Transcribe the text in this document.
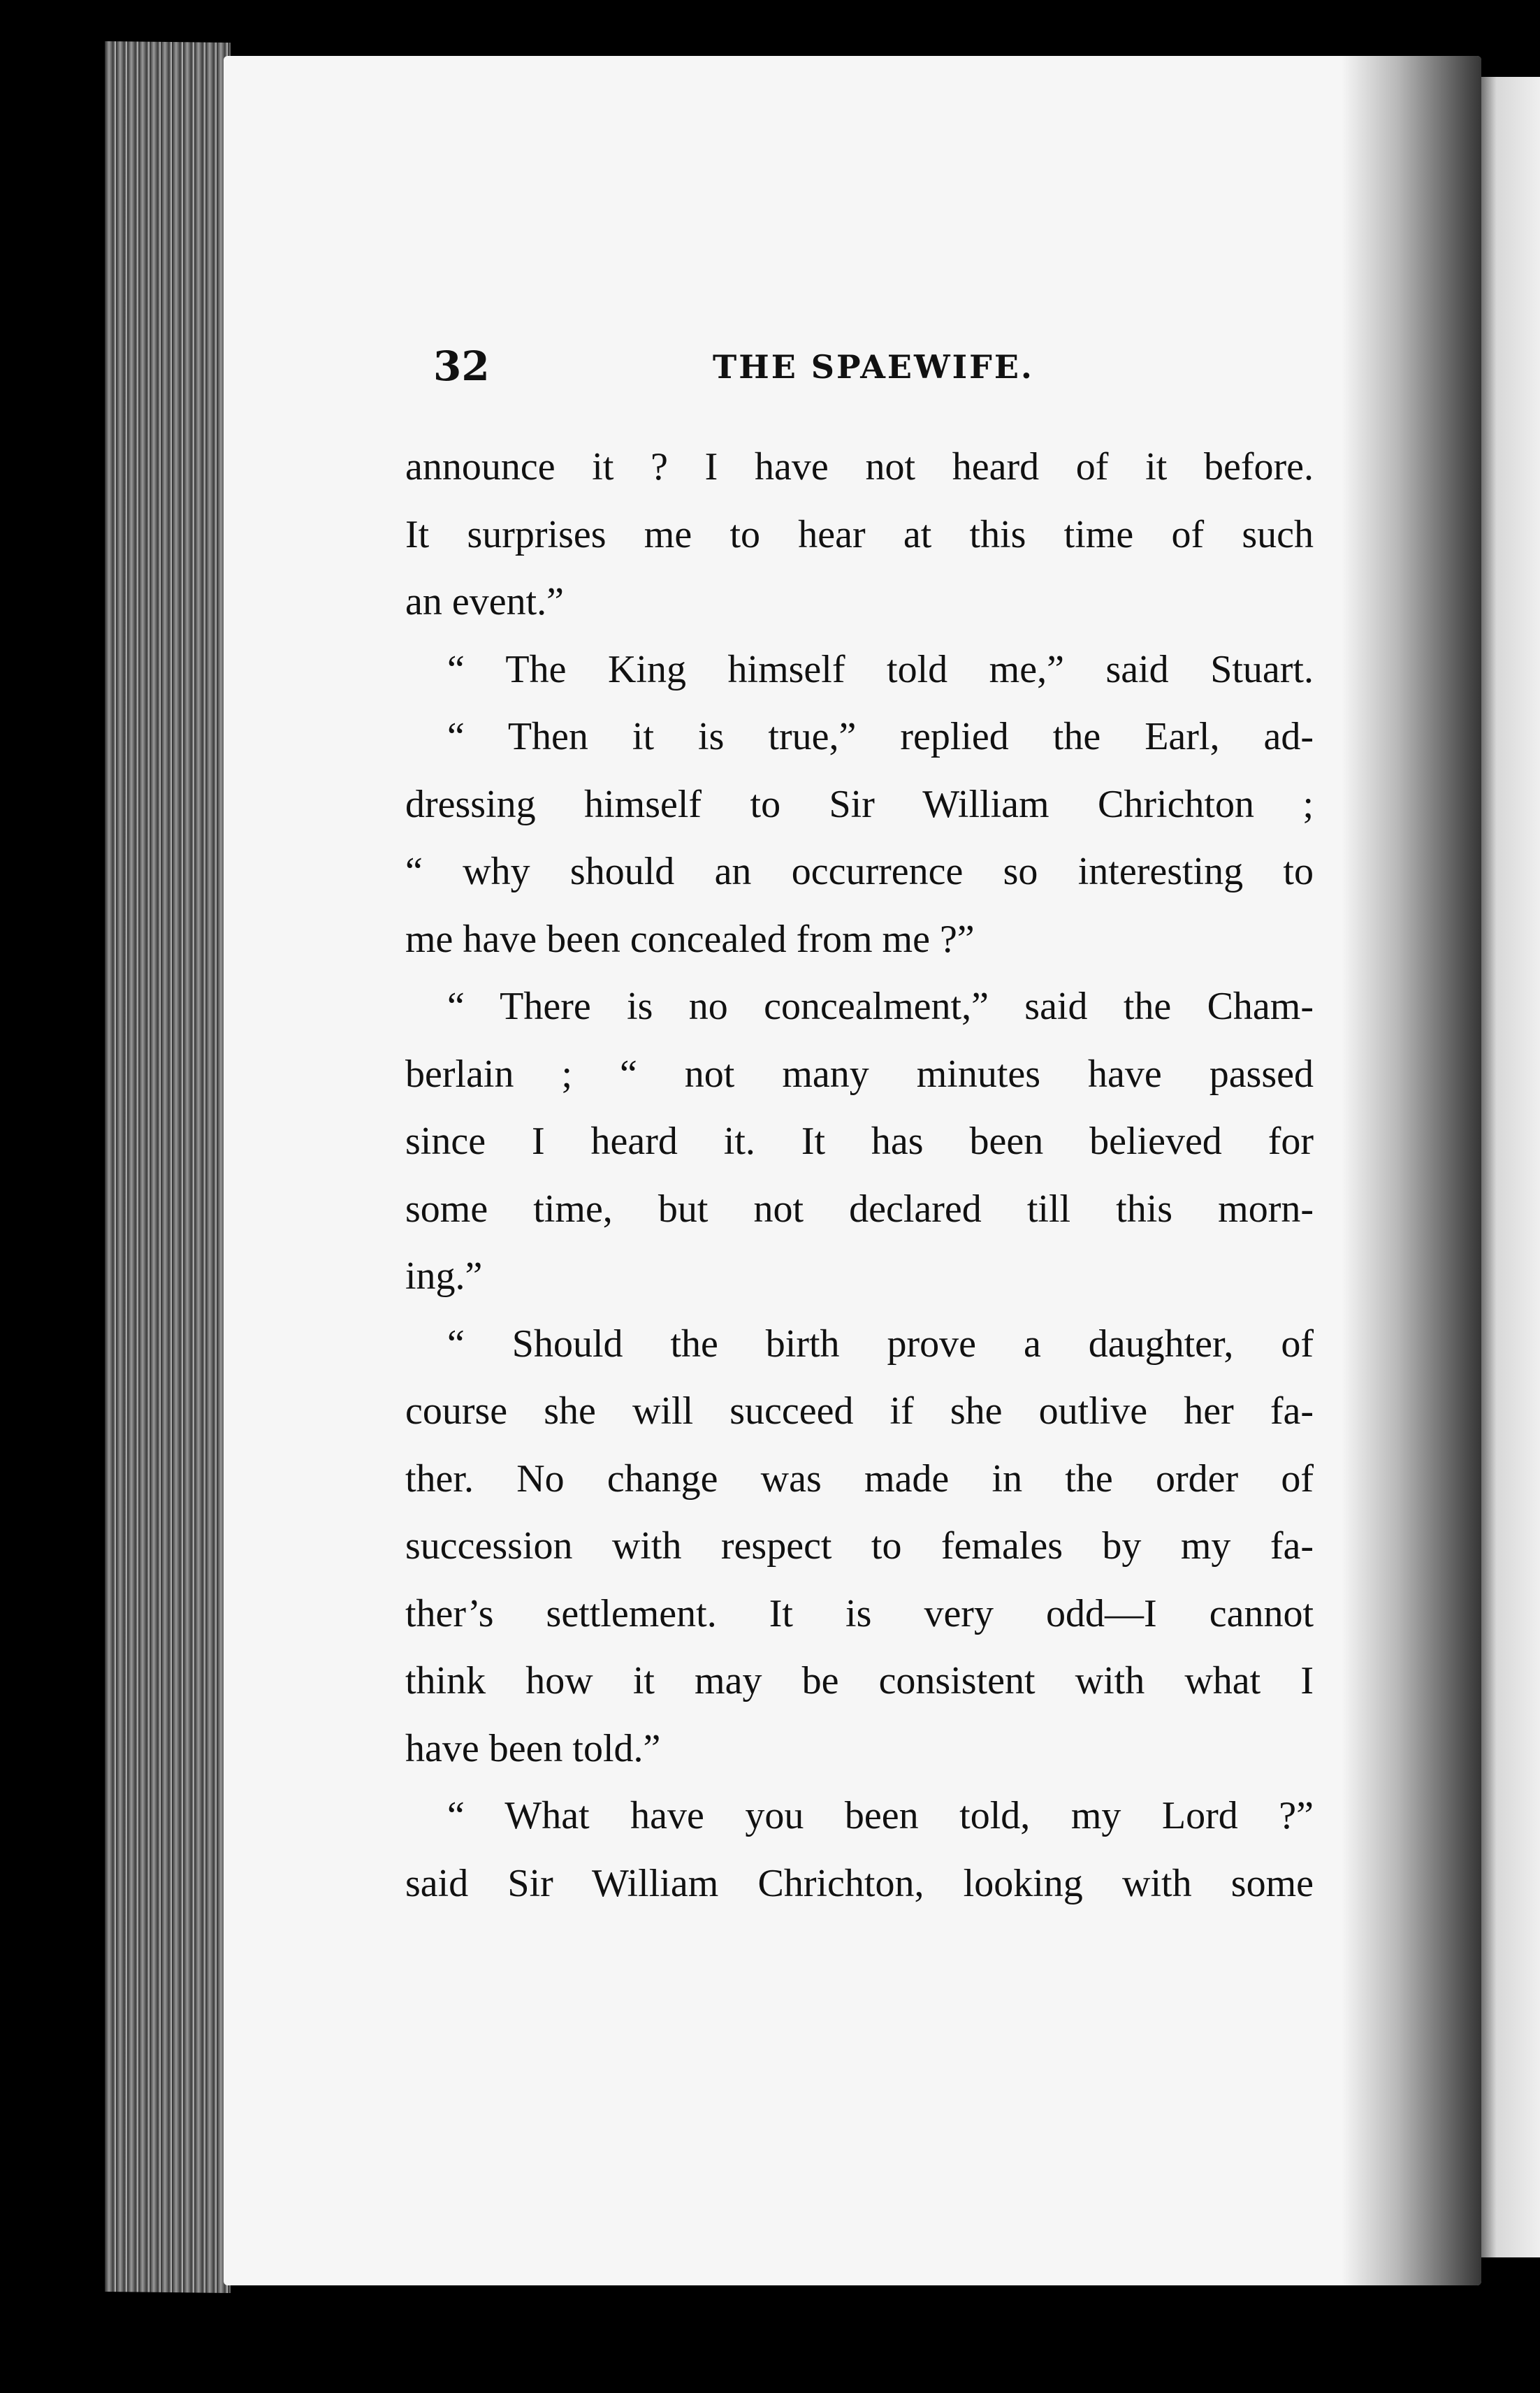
32	THE SPAEWIFE.
announce it ? I have not heard of it before.
It surprises me to hear at this time of such
an event.”
“ The King himself told me,” said Stuart.
“ Then it is true,” replied the Earl, ad-
dressing himself to Sir William Chrichton ;
“ why should an occurrence so interesting to
me have been concealed from me ?”
“ There is no concealment,” said the Cham-
berlain ; “ not many minutes have passed
since I heard it. It has been believed for
some time, but not declared till this morn-
ing.”
“ Should the birth prove a daughter, of
course she will succeed if she outlive her fa-
ther. No change was made in the order of
succession with respect to females by my fa-
ther’s settlement. It is very odd—I cannot
think how it may be consistent with what I
have been told.”
“ What have you been told, my Lord ?”
said Sir William Chrichton, looking with some
